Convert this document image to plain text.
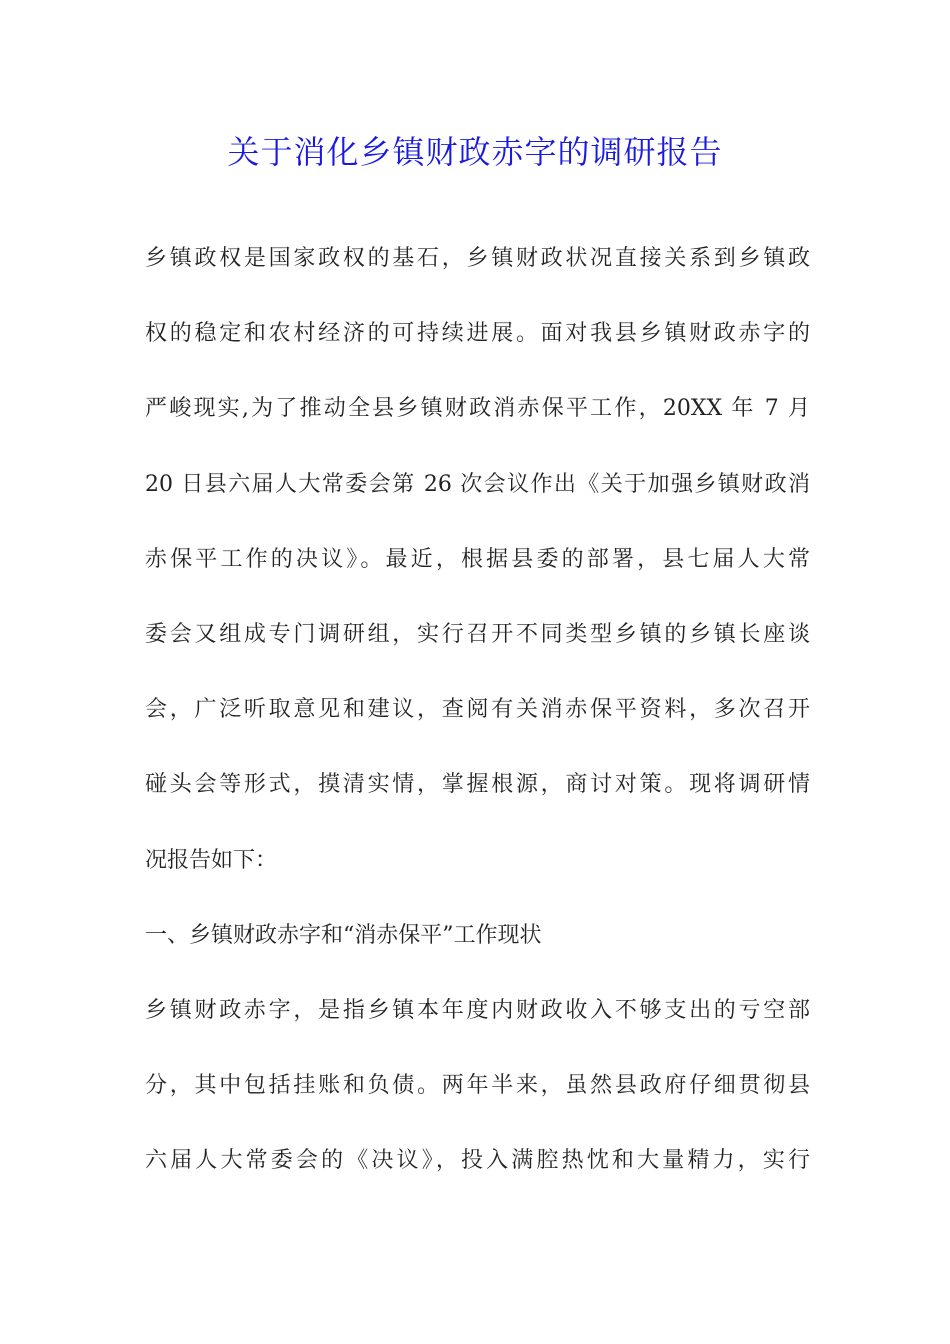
关于消化乡镇财政赤字的调研报告
乡镇政权是国家政权的基石，乡镇财政状况直接关系到乡镇政
权的稳定和农村经济的可持续进展。面对我县乡镇财政赤字的
严峻现实,为了推动全县乡镇财政消赤保平工作，20XX 年 7 月
20 日县六届人大常委会第 26 次会议作出《关于加强乡镇财政消
赤保平工作的决议》。最近，根据县委的部署，县七届人大常
委会又组成专门调研组，实行召开不同类型乡镇的乡镇长座谈
会，广泛听取意见和建议，查阅有关消赤保平资料，多次召开
碰头会等形式，摸清实情，掌握根源，商讨对策。现将调研情
况报告如下：
一、乡镇财政赤字和“消赤保平”工作现状
乡镇财政赤字，是指乡镇本年度内财政收入不够支出的亏空部
分，其中包括挂账和负债。两年半来，虽然县政府仔细贯彻县
六届人大常委会的《决议》，投入满腔热忱和大量精力，实行
